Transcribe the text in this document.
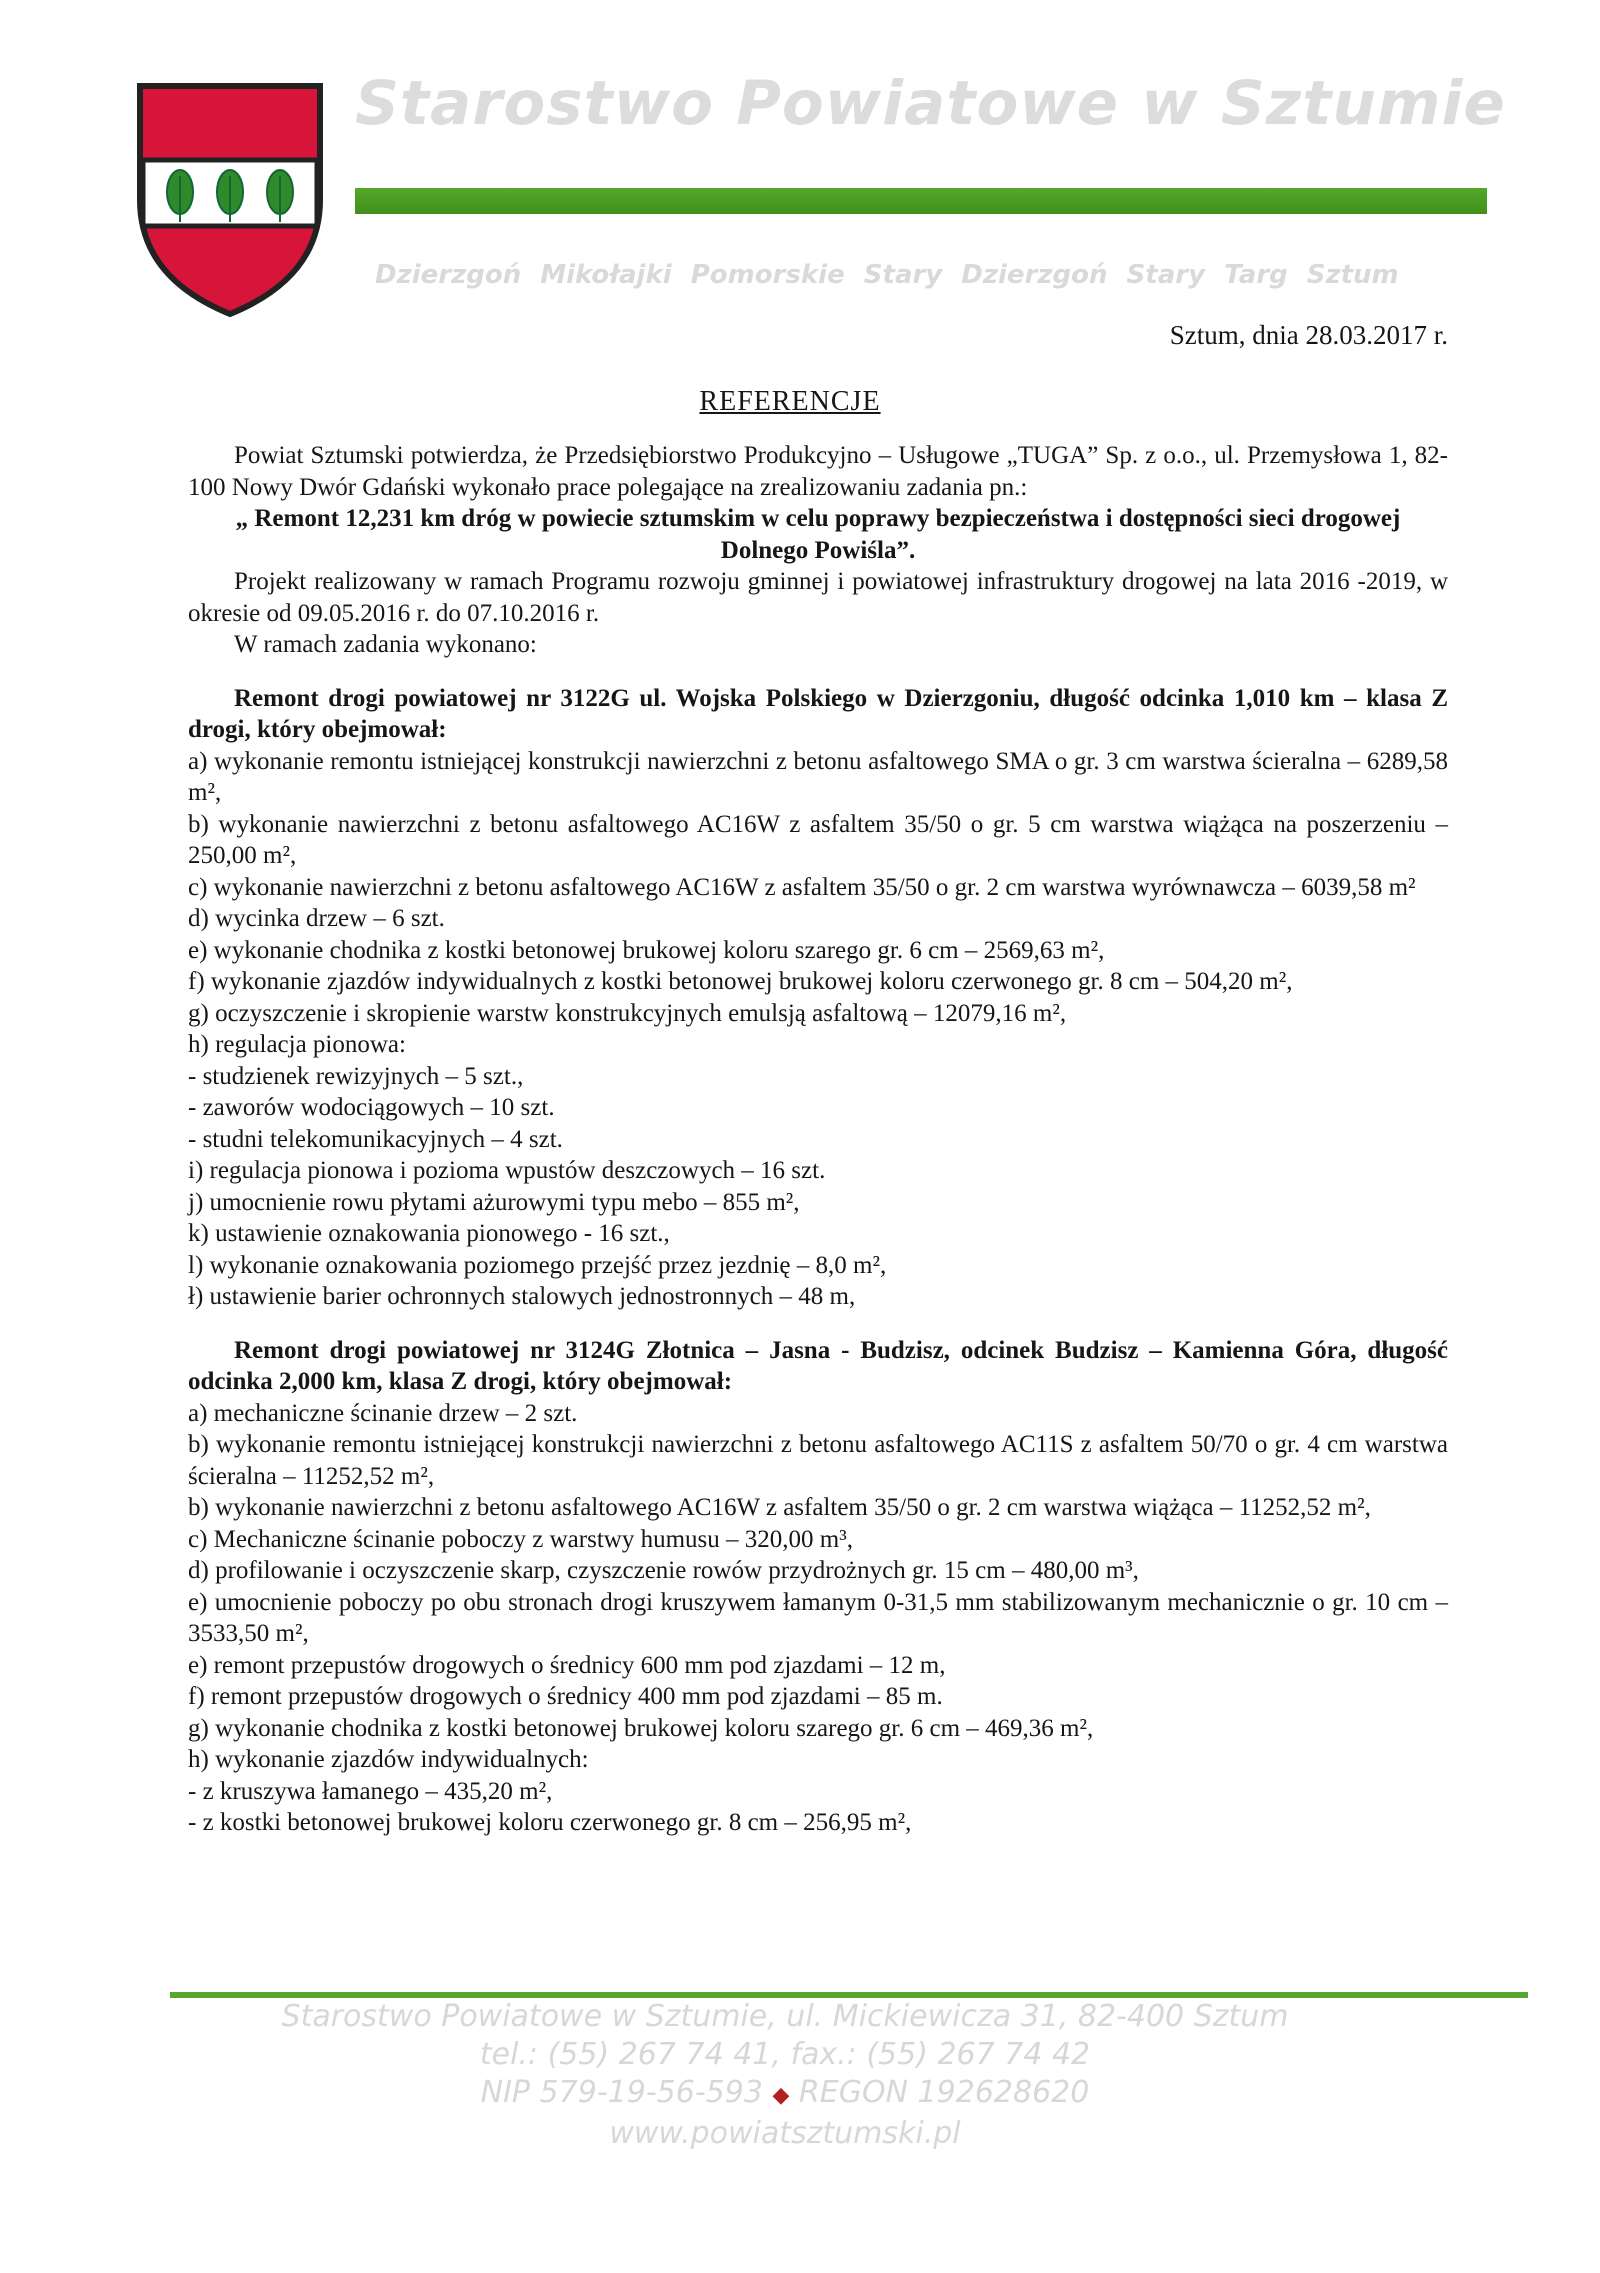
Starostwo Powiatowe w Sztumie
Dzierzgoń Mikołajki Pomorskie Stary Dzierzgoń Stary Targ Sztum
Sztum, dnia 28.03.2017 r.
REFERENCJE

Powiat Sztumski potwierdza, że Przedsiębiorstwo Produkcyjno – Usługowe „TUGA” Sp. z o.o., ul. Przemysłowa 1, 82-100 Nowy Dwór Gdański wykonało prace polegające na zrealizowaniu zadania pn.:

„ Remont 12,231 km dróg w powiecie sztumskim w celu poprawy bezpieczeństwa i dostępności sieci drogowej Dolnego Powiśla”.

Projekt realizowany w ramach Programu rozwoju gminnej i powiatowej infrastruktury drogowej na lata 2016 -2019, w okresie od 09.05.2016 r. do 07.10.2016 r.

W ramach zadania wykonano:

Remont drogi powiatowej nr 3122G ul. Wojska Polskiego w Dzierzgoniu, długość odcinka 1,010 km – klasa Z drogi, który obejmował:

a) wykonanie remontu istniejącej konstrukcji nawierzchni z betonu asfaltowego SMA o gr. 3 cm warstwa ścieralna – 6289,58 m²,

b) wykonanie nawierzchni z betonu asfaltowego AC16W z asfaltem 35/50 o gr. 5 cm warstwa wiążąca na poszerzeniu – 250,00 m²,

c) wykonanie nawierzchni z betonu asfaltowego AC16W z asfaltem 35/50 o gr. 2 cm warstwa wyrównawcza – 6039,58 m²

d) wycinka drzew – 6 szt.

e) wykonanie chodnika z kostki betonowej brukowej koloru szarego gr. 6 cm – 2569,63 m²,

f) wykonanie zjazdów indywidualnych z kostki betonowej brukowej koloru czerwonego gr. 8 cm – 504,20 m²,

g) oczyszczenie i skropienie warstw konstrukcyjnych emulsją asfaltową – 12079,16 m²,

h) regulacja pionowa:

- studzienek rewizyjnych – 5 szt.,

- zaworów wodociągowych – 10 szt.

- studni telekomunikacyjnych – 4 szt.

i) regulacja pionowa i pozioma wpustów deszczowych – 16 szt.

j) umocnienie rowu płytami ażurowymi typu mebo – 855 m²,

k) ustawienie oznakowania pionowego - 16 szt.,

l) wykonanie oznakowania poziomego przejść przez jezdnię – 8,0 m²,

ł) ustawienie barier ochronnych stalowych jednostronnych – 48 m,

Remont drogi powiatowej nr 3124G Złotnica – Jasna - Budzisz, odcinek Budzisz – Kamienna Góra, długość odcinka 2,000 km, klasa Z drogi, który obejmował:

a) mechaniczne ścinanie drzew – 2 szt.

b) wykonanie remontu istniejącej konstrukcji nawierzchni z betonu asfaltowego AC11S z asfaltem 50/70 o gr. 4 cm warstwa ścieralna – 11252,52 m²,

b) wykonanie nawierzchni z betonu asfaltowego AC16W z asfaltem 35/50 o gr. 2 cm warstwa wiążąca – 11252,52 m²,

c) Mechaniczne ścinanie poboczy z warstwy humusu – 320,00 m³,

d) profilowanie i oczyszczenie skarp, czyszczenie rowów przydrożnych gr. 15 cm – 480,00 m³,

e) umocnienie poboczy po obu stronach drogi kruszywem łamanym 0-31,5 mm stabilizowanym mechanicznie o gr. 10 cm – 3533,50 m²,

e) remont przepustów drogowych o średnicy 600 mm pod zjazdami – 12 m,

f) remont przepustów drogowych o średnicy 400 mm pod zjazdami – 85 m.

g) wykonanie chodnika z kostki betonowej brukowej koloru szarego gr. 6 cm – 469,36 m²,

h) wykonanie zjazdów indywidualnych:

- z kruszywa łamanego – 435,20 m²,

- z kostki betonowej brukowej koloru czerwonego gr. 8 cm – 256,95 m²,

Starostwo Powiatowe w Sztumie, ul. Mickiewicza 31, 82-400 Sztum
tel.: (55) 267 74 41, fax.: (55) 267 74 42
NIP 579-19-56-593 ◆ REGON 192628620
www.powiatsztumski.pl
